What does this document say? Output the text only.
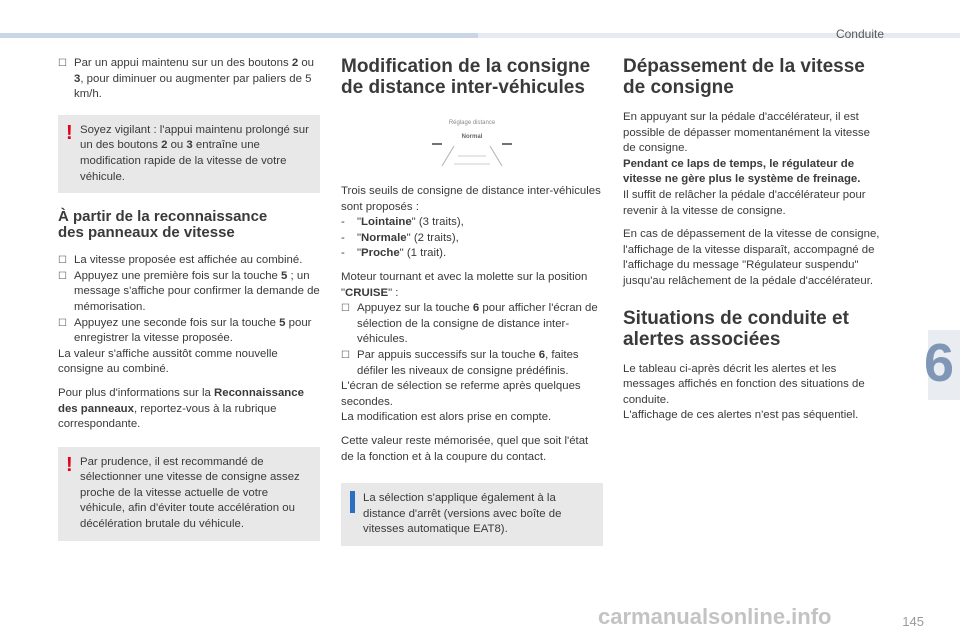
Conduite
6
☐ Par un appui maintenu sur un des boutons 2 ou 3, pour diminuer ou augmenter par paliers de 5 km/h.
! Soyez vigilant : l'appui maintenu prolongé sur un des boutons 2 ou 3 entraîne une modification rapide de la vitesse de votre véhicule.
À partir de la reconnaissance
des panneaux de vitesse
☐ La vitesse proposée est affichée au combiné.
☐ Appuyez une première fois sur la touche 5 ; un message s'affiche pour confirmer la demande de mémorisation.
☐ Appuyez une seconde fois sur la touche 5 pour enregistrer la vitesse proposée.

La valeur s'affiche aussitôt comme nouvelle consigne au combiné.

Pour plus d'informations sur la Reconnaissance des panneaux, reportez-vous à la rubrique correspondante.

! Par prudence, il est recommandé de sélectionner une vitesse de consigne assez proche de la vitesse actuelle de votre véhicule, afin d'éviter toute accélération ou décélération brutale du véhicule.
Modification de la consigne
de distance inter-véhicules
Réglage distance
Normal

Trois seuils de consigne de distance inter-véhicules sont proposés :

- "Lointaine" (3 traits),
- "Normale" (2 traits),
- "Proche" (1 trait).

Moteur tournant et avec la molette sur la position "CRUISE" :

☐ Appuyez sur la touche 6 pour afficher l'écran de sélection de la consigne de distance inter-véhicules.
☐ Par appuis successifs sur la touche 6, faites défiler les niveaux de consigne prédéfinis.

L'écran de sélection se referme après quelques secondes.

La modification est alors prise en compte.

Cette valeur reste mémorisée, quel que soit l'état de la fonction et à la coupure du contact.

La sélection s'applique également à la distance d'arrêt (versions avec boîte de vitesses automatique EAT8).
Dépassement de la vitesse
de consigne

En appuyant sur la pédale d'accélérateur, il est possible de dépasser momentanément la vitesse de consigne.

Pendant ce laps de temps, le régulateur de vitesse ne gère plus le système de freinage.

Il suffit de relâcher la pédale d'accélérateur pour revenir à la vitesse de consigne.

En cas de dépassement de la vitesse de consigne, l'affichage de la vitesse disparaît, accompagné de l'affichage du message "Régulateur suspendu" jusqu'au relâchement de la pédale d'accélérateur.

Situations de conduite et
alertes associées

Le tableau ci-après décrit les alertes et les messages affichés en fonction des situations de conduite.

L'affichage de ces alertes n'est pas séquentiel.

carmanualsonline.info	145
